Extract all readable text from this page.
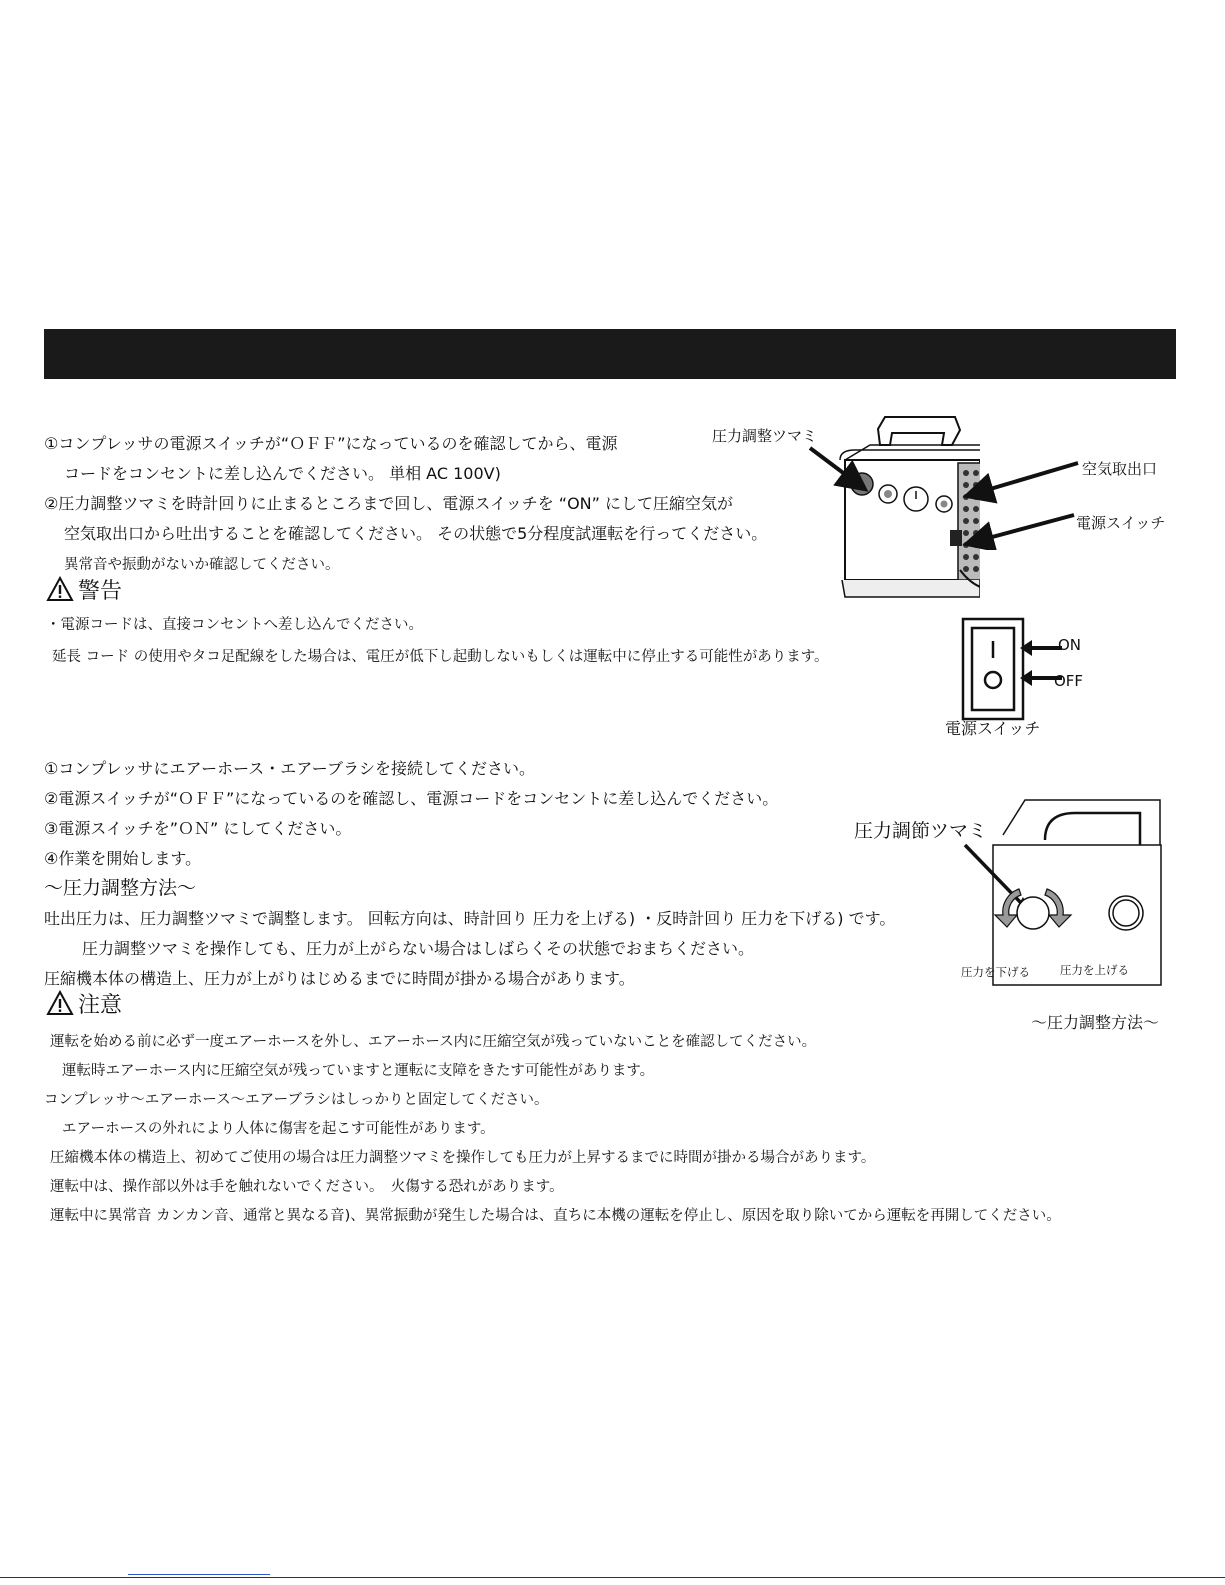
①コンプレッサの電源スイッチが“ＯＦＦ”になっているのを確認してから、電源
コードをコンセントに差し込んでください。 単相 AC 100V)
②圧力調整ツマミを時計回りに止まるところまで回し、電源スイッチを “ON” にして圧縮空気が
空気取出口から吐出することを確認してください。 その状態で5分程度試運転を行ってください。
異常音や振動がないか確認してください。
警告
・電源コードは、直接コンセントへ差し込んでください。
延長 コード の使用やタコ足配線をした場合は、電圧が低下し起動しないもしくは運転中に停止する可能性があります。
圧力調整ツマミ
空気取出口
電源スイッチ
ON
OFF
電源スイッチ
①コンプレッサにエアーホース・エアーブラシを接続してください。
②電源スイッチが“ＯＦＦ”になっているのを確認し、電源コードをコンセントに差し込んでください。
③電源スイッチを”ＯＮ” にしてください。
④作業を開始します。
～圧力調整方法～
吐出圧力は、圧力調整ツマミで調整します。 回転方向は、時計回り 圧力を上げる) ・反時計回り 圧力を下げる) です。
圧力調整ツマミを操作しても、圧力が上がらない場合はしばらくその状態でおまちください。
圧縮機本体の構造上、圧力が上がりはじめるまでに時間が掛かる場合があります。
注意
運転を始める前に必ず一度エアーホースを外し、エアーホース内に圧縮空気が残っていないことを確認してください。
運転時エアーホース内に圧縮空気が残っていますと運転に支障をきたす可能性があります。
コンプレッサ～エアーホース～エアーブラシはしっかりと固定してください。
エアーホースの外れにより人体に傷害を起こす可能性があります。
圧縮機本体の構造上、初めてご使用の場合は圧力調整ツマミを操作しても圧力が上昇するまでに時間が掛かる場合があります。
運転中は、操作部以外は手を触れないでください。　火傷する恐れがあります。
運転中に異常音 カンカン音、通常と異なる音)、異常振動が発生した場合は、直ちに本機の運転を停止し、原因を取り除いてから運転を再開してください。
圧力調節ツマミ
圧力を下げる	圧力を上げる
～圧力調整方法～
